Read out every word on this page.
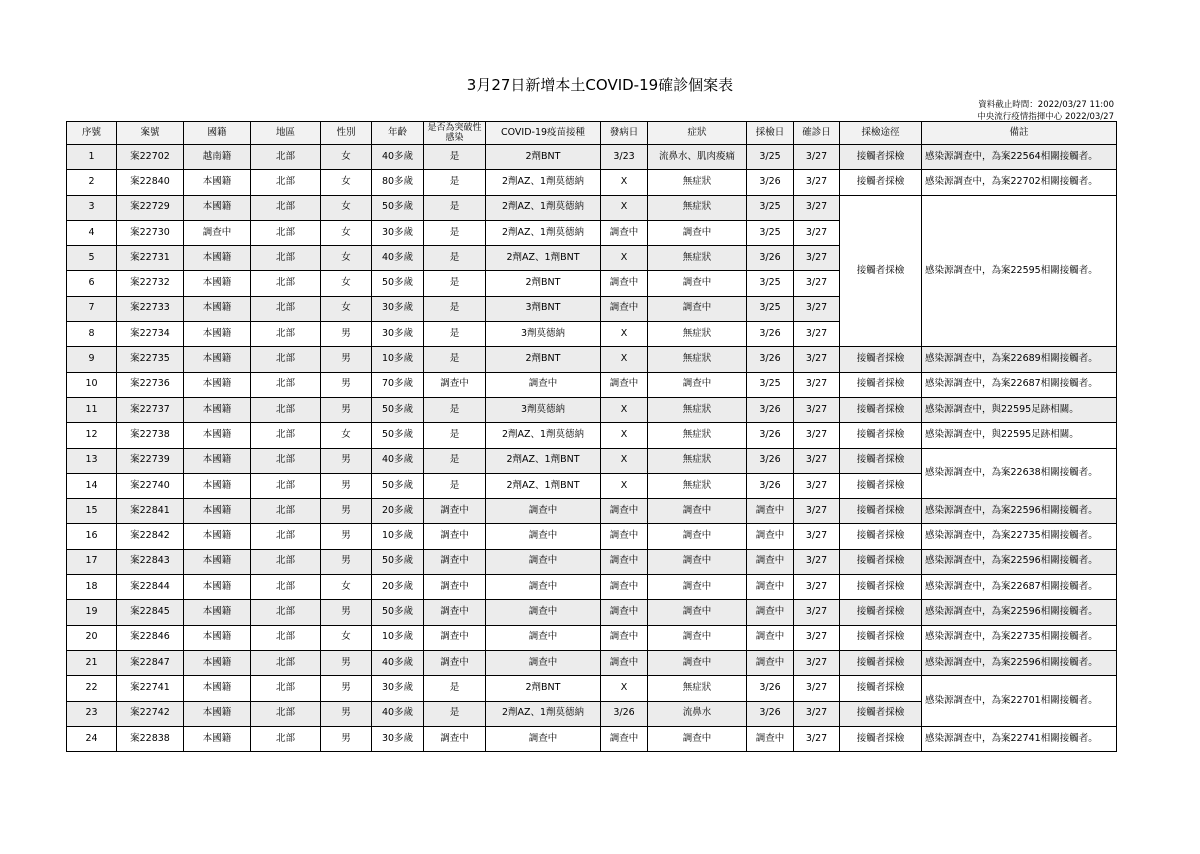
3月27日新增本土COVID-19確診個案表
資料截止時間：2022/03/27 11:00
中央流行疫情指揮中心 2022/03/27
序號	案號	國籍	地區	性別	年齡	是否為突破性感染	COVID-19疫苗接種	發病日	症狀	採檢日	確診日	採檢途徑	備註
1	案22702	越南籍	北部	女	40多歲	是	2劑BNT	3/23	流鼻水、肌肉痠痛	3/25	3/27	接觸者採檢	感染源調查中，為案22564相關接觸者。
2	案22840	本國籍	北部	女	80多歲	是	2劑AZ、1劑莫德納	X	無症狀	3/26	3/27	接觸者採檢	感染源調查中，為案22702相關接觸者。
3	案22729	本國籍	北部	女	50多歲	是	2劑AZ、1劑莫德納	X	無症狀	3/25	3/27	接觸者採檢	感染源調查中，為案22595相關接觸者。
4	案22730	調查中	北部	女	30多歲	是	2劑AZ、1劑莫德納	調查中	調查中	3/25	3/27		
5	案22731	本國籍	北部	女	40多歲	是	2劑AZ、1劑BNT	X	無症狀	3/26	3/27		
6	案22732	本國籍	北部	女	50多歲	是	2劑BNT	調查中	調查中	3/25	3/27		
7	案22733	本國籍	北部	女	30多歲	是	3劑BNT	調查中	調查中	3/25	3/27		
8	案22734	本國籍	北部	男	30多歲	是	3劑莫德納	X	無症狀	3/26	3/27		
9	案22735	本國籍	北部	男	10多歲	是	2劑BNT	X	無症狀	3/26	3/27	接觸者採檢	感染源調查中，為案22689相關接觸者。
10	案22736	本國籍	北部	男	70多歲	調查中	調查中	調查中	調查中	3/25	3/27	接觸者採檢	感染源調查中，為案22687相關接觸者。
11	案22737	本國籍	北部	男	50多歲	是	3劑莫德納	X	無症狀	3/26	3/27	接觸者採檢	感染源調查中，與22595足跡相關。
12	案22738	本國籍	北部	女	50多歲	是	2劑AZ、1劑莫德納	X	無症狀	3/26	3/27	接觸者採檢	感染源調查中，與22595足跡相關。
13	案22739	本國籍	北部	男	40多歲	是	2劑AZ、1劑BNT	X	無症狀	3/26	3/27	接觸者採檢	感染源調查中，為案22638相關接觸者。
14	案22740	本國籍	北部	男	50多歲	是	2劑AZ、1劑BNT	X	無症狀	3/26	3/27	接觸者採檢	
15	案22841	本國籍	北部	男	20多歲	調查中	調查中	調查中	調查中	調查中	3/27	接觸者採檢	感染源調查中，為案22596相關接觸者。
16	案22842	本國籍	北部	男	10多歲	調查中	調查中	調查中	調查中	調查中	3/27	接觸者採檢	感染源調查中，為案22735相關接觸者。
17	案22843	本國籍	北部	男	50多歲	調查中	調查中	調查中	調查中	調查中	3/27	接觸者採檢	感染源調查中，為案22596相關接觸者。
18	案22844	本國籍	北部	女	20多歲	調查中	調查中	調查中	調查中	調查中	3/27	接觸者採檢	感染源調查中，為案22687相關接觸者。
19	案22845	本國籍	北部	男	50多歲	調查中	調查中	調查中	調查中	調查中	3/27	接觸者採檢	感染源調查中，為案22596相關接觸者。
20	案22846	本國籍	北部	女	10多歲	調查中	調查中	調查中	調查中	調查中	3/27	接觸者採檢	感染源調查中，為案22735相關接觸者。
21	案22847	本國籍	北部	男	40多歲	調查中	調查中	調查中	調查中	調查中	3/27	接觸者採檢	感染源調查中，為案22596相關接觸者。
22	案22741	本國籍	北部	男	30多歲	是	2劑BNT	X	無症狀	3/26	3/27	接觸者採檢	感染源調查中，為案22701相關接觸者。
23	案22742	本國籍	北部	男	40多歲	是	2劑AZ、1劑莫德納	3/26	流鼻水	3/26	3/27	接觸者採檢	
24	案22838	本國籍	北部	男	30多歲	調查中	調查中	調查中	調查中	調查中	3/27	接觸者採檢	感染源調查中，為案22741相關接觸者。
